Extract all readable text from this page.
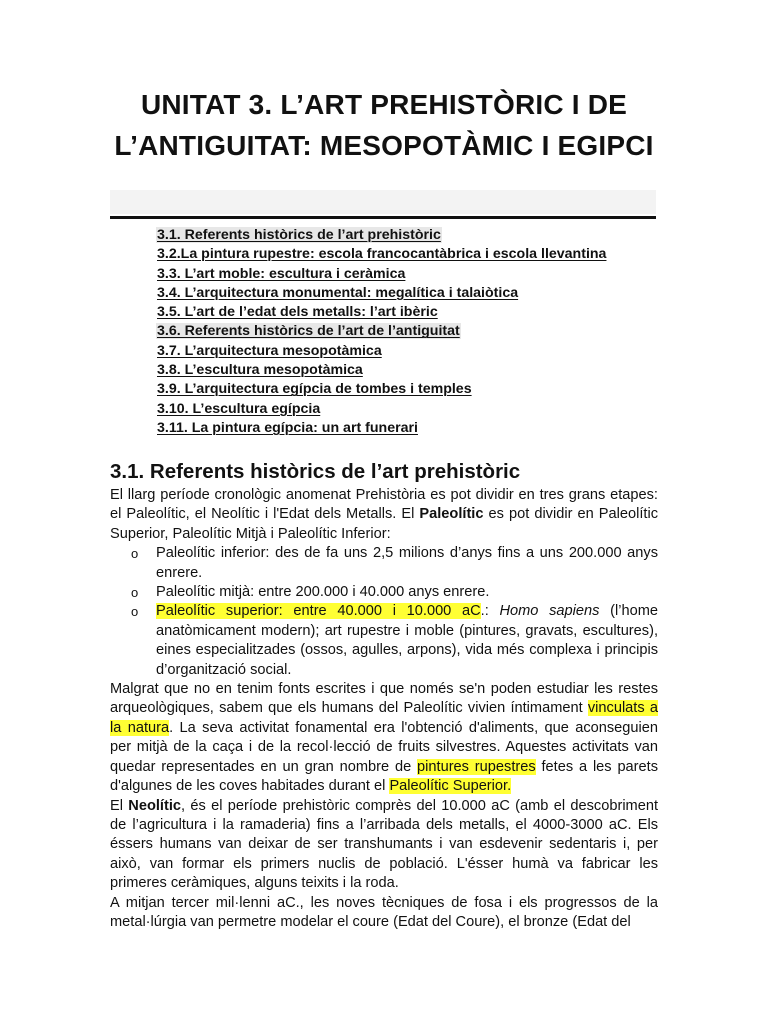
UNITAT 3. L’ART PREHISTÒRIC I DE L’ANTIGUITAT: MESOPOTÀMIC I EGIPCI
3.1. Referents històrics de l’art prehistòric
3.2.La pintura rupestre: escola francocantàbrica i escola llevantina
3.3. L’art moble: escultura i ceràmica
3.4. L’arquitectura monumental: megalítica i talaiòtica
3.5. L’art de l’edat dels metalls: l’art ibèric
3.6. Referents històrics de l’art de l’antiguitat
3.7. L’arquitectura mesopotàmica
3.8. L’escultura mesopotàmica
3.9. L’arquitectura egípcia de tombes i temples
3.10. L’escultura egípcia
3.11. La pintura egípcia: un art funerari
3.1. Referents històrics de l’art prehistòric

El llarg període cronològic anomenat Prehistòria es pot dividir en tres grans etapes: el Paleolític, el Neolític i l'Edat dels Metalls. El Paleolític es pot dividir en Paleolític Superior, Paleolític Mitjà i Paleolític Inferior:

o Paleolític inferior: des de fa uns 2,5 milions d’anys fins a uns 200.000 anys enrere.
o Paleolític mitjà: entre 200.000 i 40.000 anys enrere.
o Paleolític superior: entre 40.000 i 10.000 aC.: Homo sapiens (l’home anatòmicament modern); art rupestre i moble (pintures, gravats, escultures), eines especialitzades (ossos, agulles, arpons), vida més complexa i principis d’organització social.

Malgrat que no en tenim fonts escrites i que només se'n poden estudiar les restes arqueològiques, sabem que els humans del Paleolític vivien íntimament vinculats a la natura. La seva activitat fonamental era l'obtenció d'aliments, que aconseguien per mitjà de la caça i de la recol·lecció de fruits silvestres. Aquestes activitats van quedar representades en un gran nombre de pintures rupestres fetes a les parets d'algunes de les coves habitades durant el Paleolític Superior.

El Neolític, és el període prehistòric comprès del 10.000 aC (amb el descobriment de l’agricultura i la ramaderia) fins a l’arribada dels metalls, el 4000-3000 aC. Els éssers humans van deixar de ser transhumants i van esdevenir sedentaris i, per això, van formar els primers nuclis de població. L'ésser humà va fabricar les primeres ceràmiques, alguns teixits i la roda.

A mitjan tercer mil·lenni aC., les noves tècniques de fosa i els progressos de la metal·lúrgia van permetre modelar el coure (Edat del Coure), el bronze (Edat del
